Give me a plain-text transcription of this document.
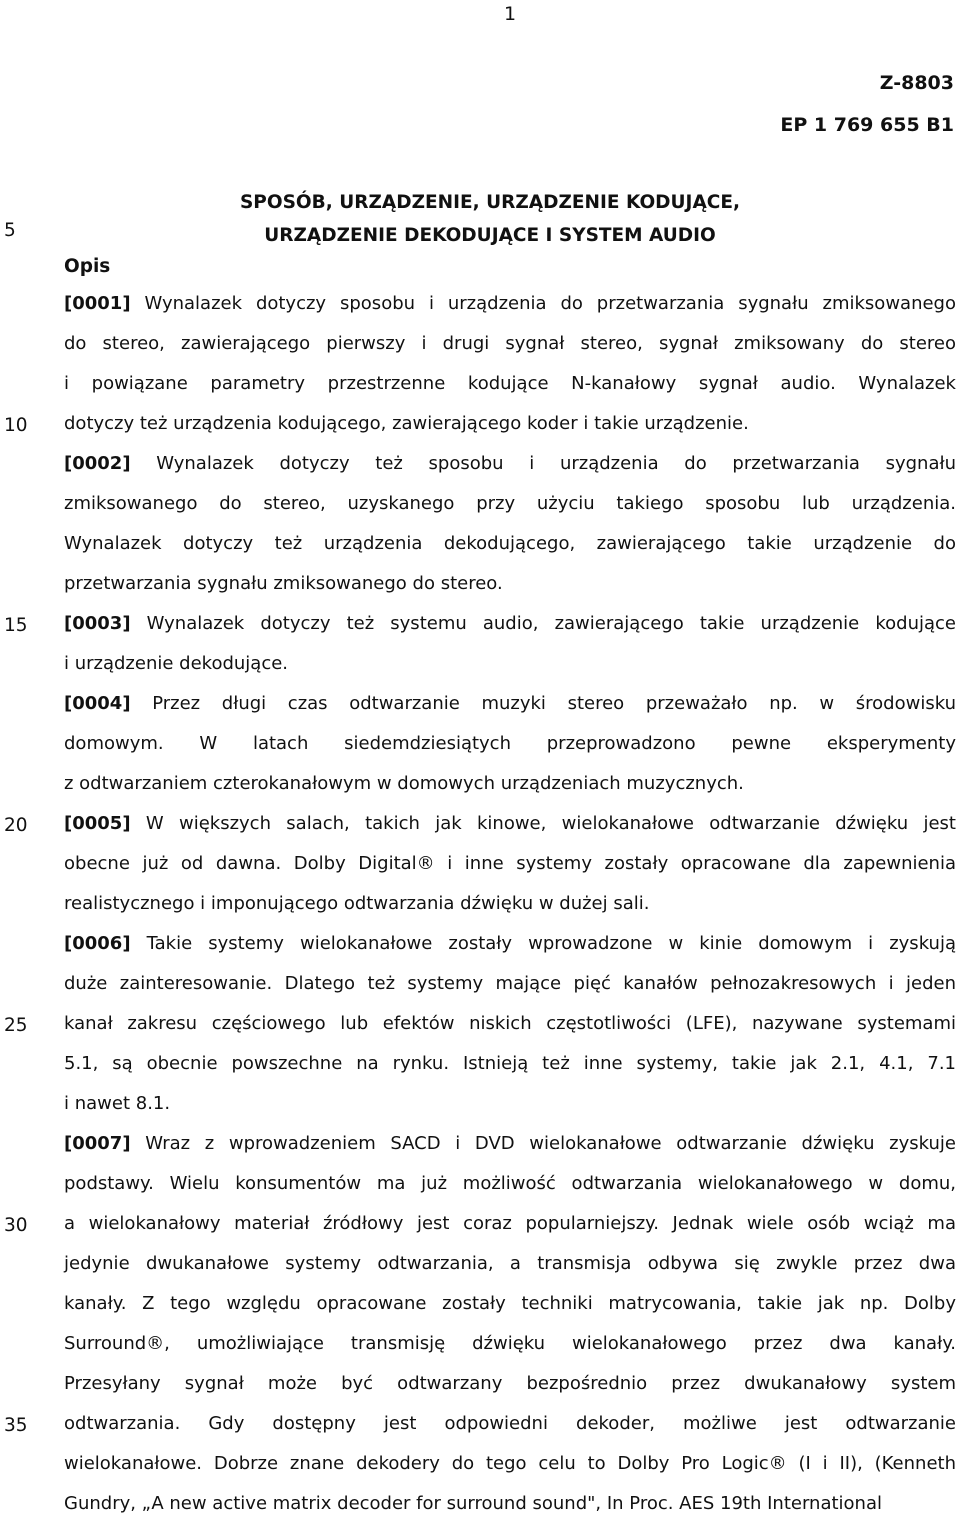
1
Z-8803
EP 1 769 655 B1
SPOSÓB, URZĄDZENIE, URZĄDZENIE KODUJĄCE,
URZĄDZENIE DEKODUJĄCE I SYSTEM AUDIO
Opis
5
10
15
20
25
30
35
[0001] Wynalazek dotyczy sposobu i urządzenia do przetwarzania sygnału zmiksowanego
do stereo, zawierającego pierwszy i drugi sygnał stereo, sygnał zmiksowany do stereo
i powiązane parametry przestrzenne kodujące N-kanałowy sygnał audio. Wynalazek
dotyczy też urządzenia kodującego, zawierającego koder i takie urządzenie.
[0002] Wynalazek dotyczy też sposobu i urządzenia do przetwarzania sygnału
zmiksowanego do stereo, uzyskanego przy użyciu takiego sposobu lub urządzenia.
Wynalazek dotyczy też urządzenia dekodującego, zawierającego takie urządzenie do
przetwarzania sygnału zmiksowanego do stereo.
[0003] Wynalazek dotyczy też systemu audio, zawierającego takie urządzenie kodujące
i urządzenie dekodujące.
[0004] Przez długi czas odtwarzanie muzyki stereo przeważało np. w środowisku
domowym. W latach siedemdziesiątych przeprowadzono pewne eksperymenty
z odtwarzaniem czterokanałowym w domowych urządzeniach muzycznych.
[0005] W większych salach, takich jak kinowe, wielokanałowe odtwarzanie dźwięku jest
obecne już od dawna. Dolby Digital® i inne systemy zostały opracowane dla zapewnienia
realistycznego i imponującego odtwarzania dźwięku w dużej sali.
[0006] Takie systemy wielokanałowe zostały wprowadzone w kinie domowym i zyskują
duże zainteresowanie. Dlatego też systemy mające pięć kanałów pełnozakresowych i jeden
kanał zakresu częściowego lub efektów niskich częstotliwości (LFE), nazywane systemami
5.1, są obecnie powszechne na rynku. Istnieją też inne systemy, takie jak 2.1, 4.1, 7.1
i nawet 8.1.
[0007] Wraz z wprowadzeniem SACD i DVD wielokanałowe odtwarzanie dźwięku zyskuje
podstawy. Wielu konsumentów ma już możliwość odtwarzania wielokanałowego w domu,
a wielokanałowy materiał źródłowy jest coraz popularniejszy. Jednak wiele osób wciąż ma
jedynie dwukanałowe systemy odtwarzania, a transmisja odbywa się zwykle przez dwa
kanały. Z tego względu opracowane zostały techniki matrycowania, takie jak np. Dolby
Surround®, umożliwiające transmisję dźwięku wielokanałowego przez dwa kanały.
Przesyłany sygnał może być odtwarzany bezpośrednio przez dwukanałowy system
odtwarzania. Gdy dostępny jest odpowiedni dekoder, możliwe jest odtwarzanie
wielokanałowe. Dobrze znane dekodery do tego celu to Dolby Pro Logic® (I i II), (Kenneth
Gundry, „A new active matrix decoder for surround sound", In Proc. AES 19th International
